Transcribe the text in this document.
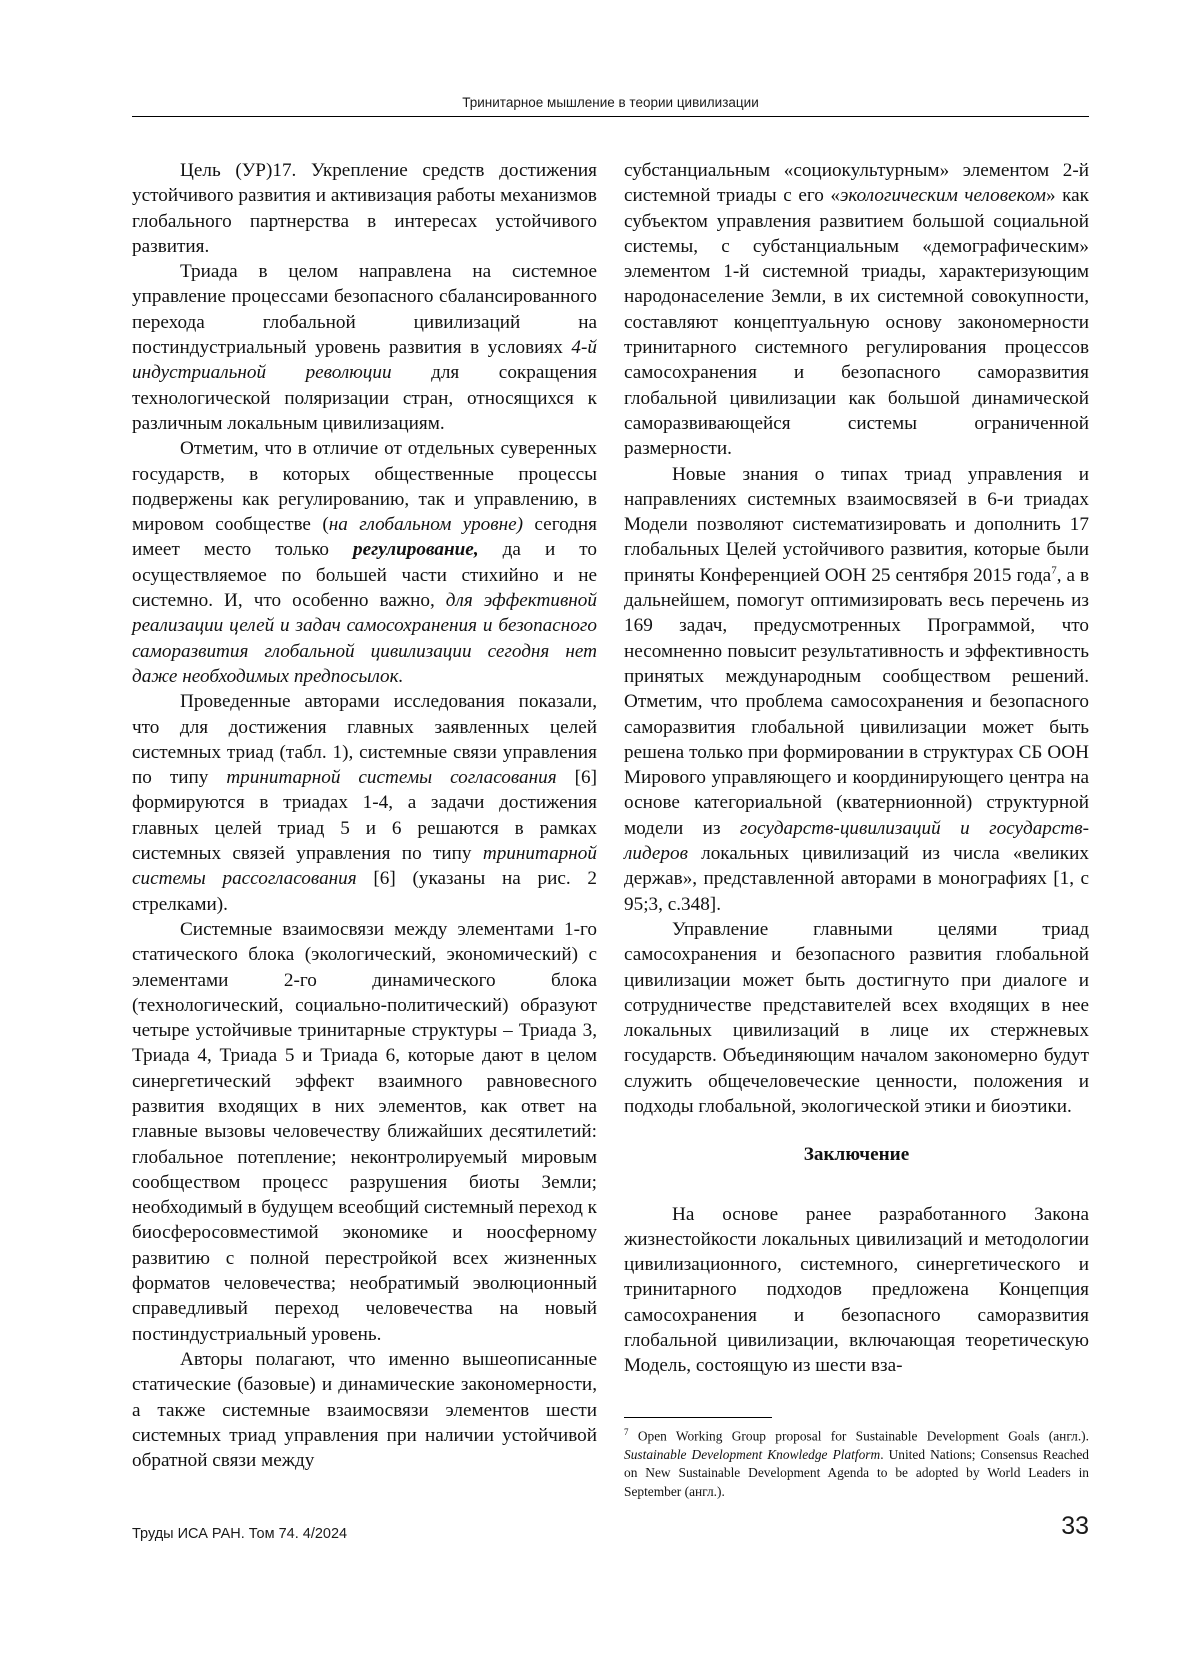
Тринитарное мышление в теории цивилизации

Цель (УР)17. Укрепление средств достижения устойчивого развития и активизация работы механизмов глобального партнерства в интересах устойчивого развития.

Триада в целом направлена на системное управление процессами безопасного сбалансированного перехода глобальной цивилизаций на постиндустриальный уровень развития в условиях 4-й индустриальной революции для сокращения технологической поляризации стран, относящихся к различным локальным цивилизациям.

Отметим, что в отличие от отдельных суверенных государств, в которых общественные процессы подвержены как регулированию, так и управлению, в мировом сообществе (на глобальном уровне) сегодня имеет место только регулирование, да и то осуществляемое по большей части стихийно и не системно. И, что особенно важно, для эффективной реализации целей и задач самосохранения и безопасного саморазвития глобальной цивилизации сегодня нет даже необходимых предпосылок.

Проведенные авторами исследования показали, что для достижения главных заявленных целей системных триад (табл. 1), системные связи управления по типу тринитарной системы согласования [6] формируются в триадах 1-4, а задачи достижения главных целей триад 5 и 6 решаются в рамках системных связей управления по типу тринитарной системы рассогласования [6] (указаны на рис. 2 стрелками).

Системные взаимосвязи между элементами 1-го статического блока (экологический, экономический) с элементами 2-го динамического блока (технологический, социально-политический) образуют четыре устойчивые тринитарные структуры – Триада 3, Триада 4, Триада 5 и Триада 6, которые дают в целом синергетический эффект взаимного равновесного развития входящих в них элементов, как ответ на главные вызовы человечеству ближайших десятилетий: глобальное потепление; неконтролируемый мировым сообществом процесс разрушения биоты Земли; необходимый в будущем всеобщий системный переход к биосферосовместимой экономике и ноосферному развитию с полной перестройкой всех жизненных форматов человечества; необратимый эволюционный справедливый переход человечества на новый постиндустриальный уровень.

Авторы полагают, что именно вышеописанные статические (базовые) и динамические закономерности, а также системные взаимосвязи элементов шести системных триад управления при наличии устойчивой обратной связи между

субстанциальным «социокультурным» элементом 2-й системной триады с его «экологическим человеком» как субъектом управления развитием большой социальной системы, с субстанциальным «демографическим» элементом 1-й системной триады, характеризующим народонаселение Земли, в их системной совокупности, составляют концептуальную основу закономерности тринитарного системного регулирования процессов самосохранения и безопасного саморазвития глобальной цивилизации как большой динамической саморазвивающейся системы ограниченной размерности.

Новые знания о типах триад управления и направлениях системных взаимосвязей в 6-и триадах Модели позволяют систематизировать и дополнить 17 глобальных Целей устойчивого развития, которые были приняты Конференцией ООН 25 сентября 2015 года$^7$, а в дальнейшем, помогут оптимизировать весь перечень из 169 задач, предусмотренных Программой, что несомненно повысит результативность и эффективность принятых международным сообществом решений. Отметим, что проблема самосохранения и безопасного саморазвития глобальной цивилизации может быть решена только при формировании в структурах СБ ООН Мирового управляющего и координирующего центра на основе категориальной (кватернионной) структурной модели из государств-цивилизаций и государств-лидеров локальных цивилизаций из числа «великих держав», представленной авторами в монографиях [1, с 95;3, с.348].

Управление главными целями триад самосохранения и безопасного развития глобальной цивилизации может быть достигнуто при диалоге и сотрудничестве представителей всех входящих в нее локальных цивилизаций в лице их стержневых государств. Объединяющим началом закономерно будут служить общечеловеческие ценности, положения и подходы глобальной, экологической этики и биоэтики.

Заключение

На основе ранее разработанного Закона жизнестойкости локальных цивилизаций и методологии цивилизационного, системного, синергетического и тринитарного подходов предложена Концепция самосохранения и безопасного саморазвития глобальной цивилизации, включающая теоретическую Модель, состоящую из шести вза-

$^7$ Open Working Group proposal for Sustainable Development Goals (англ.). Sustainable Development Knowledge Platform. United Nations; Consensus Reached on New Sustainable Development Agenda to be adopted by World Leaders in September (англ.).

Труды ИСА РАН. Том 74. 4/2024	33
